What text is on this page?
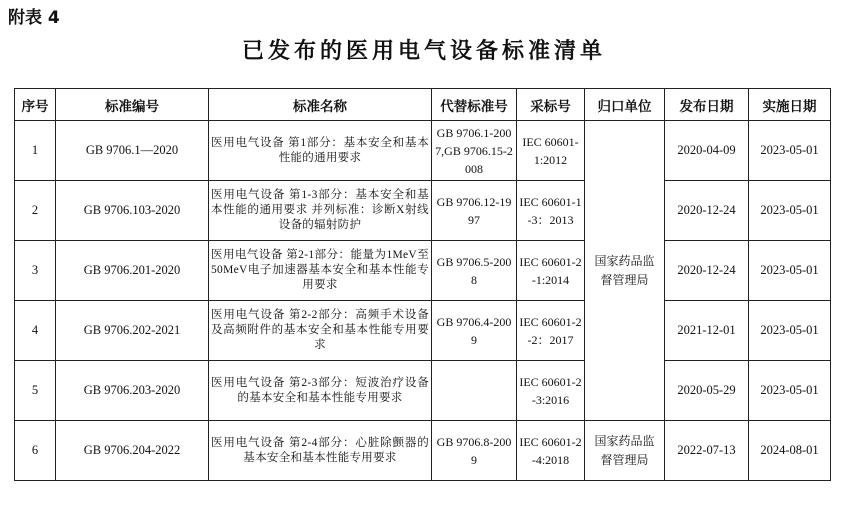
附表 4
已发布的医用电气设备标准清单
序号	标准编号	标准名称	代替标准号	采标号	归口单位	发布日期	实施日期
1	GB 9706.1—2020	医用电气设备 第1部分：基本安全和基本性能的通用要求	GB 9706.1-2007,GB 9706.15-2008	IEC 60601-1:2012	国家药品监督管理局	2020-04-09	2023-05-01
2	GB 9706.103-2020	医用电气设备 第1-3部分：基本安全和基本性能的通用要求 并列标准：诊断X射线设备的辐射防护	GB 9706.12-1997	IEC 60601-1-3：2013		2020-12-24	2023-05-01
3	GB 9706.201-2020	医用电气设备 第2-1部分：能量为1MeV至50MeV电子加速器基本安全和基本性能专用要求	GB 9706.5-2008	IEC 60601-2-1:2014		2020-12-24	2023-05-01
4	GB 9706.202-2021	医用电气设备 第2-2部分：高频手术设备及高频附件的基本安全和基本性能专用要求	GB 9706.4-2009	IEC 60601-2-2：2017		2021-12-01	2023-05-01
5	GB 9706.203-2020	医用电气设备 第2-3部分：短波治疗设备的基本安全和基本性能专用要求		IEC 60601-2-3:2016		2020-05-29	2023-05-01
6	GB 9706.204-2022	医用电气设备 第2-4部分：心脏除颤器的基本安全和基本性能专用要求	GB 9706.8-2009	IEC 60601-2-4:2018	国家药品监督管理局	2022-07-13	2024-08-01
